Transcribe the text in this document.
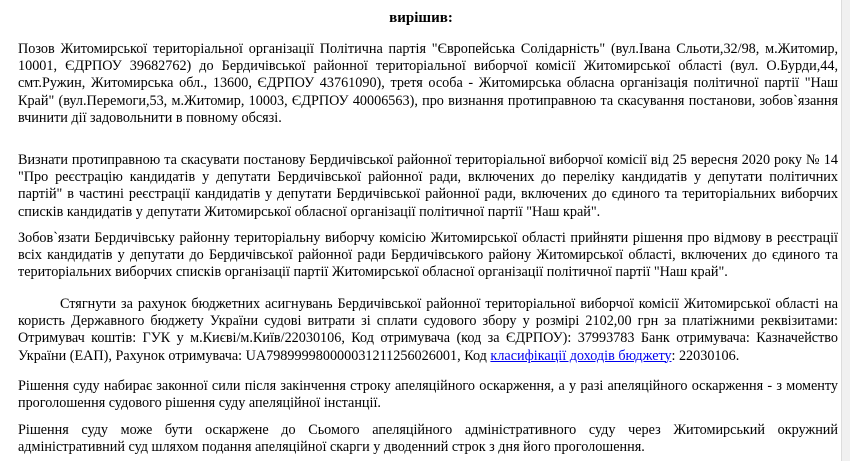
вирішив:
Позов Житомирської територіальної організації Політична партія "Європейська Солідарність" (вул.Івана Сльоти,32/98, м.Житомир, 10001, ЄДРПОУ 39682762) до Бердичівської районної територіальної виборчої комісії Житомирської області (вул. О.Бурди,44, смт.Ружин, Житомирська обл., 13600, ЄДРПОУ 43761090), третя особа - Житомирська обласна організація політичної партії "Наш Край" (вул.Перемоги,53, м.Житомир, 10003, ЄДРПОУ 40006563), про визнання протиправною та скасування постанови, зобов`язання вчинити дії задовольнити в повному обсязі.
Визнати протиправною та скасувати постанову Бердичівської районної територіальної виборчої комісії від 25 вересня 2020 року № 14 "Про реєстрацію кандидатів у депутати Бердичівської районної ради, включених до переліку кандидатів у депутати політичних партій" в частині реєстрації кандидатів у депутати Бердичівської районної ради, включених до єдиного та територіальних виборчих списків кандидатів у депутати Житомирської обласної організації політичної партії "Наш край".
Зобов`язати Бердичівську районну територіальну виборчу комісію Житомирської області прийняти рішення про відмову в реєстрації всіх кандидатів у депутати до Бердичівської районної ради Бердичівського району Житомирської області, включених до єдиного та територіальних виборчих списків організації партії Житомирської обласної організації політичної партії "Наш край".
Стягнути за рахунок бюджетних асигнувань Бердичівської районної територіальної виборчої комісії Житомирської області на користь Державного бюджету України судові витрати зі сплати судового збору у розмірі 2102,00 грн за платіжними реквізитами: Отримувач коштів: ГУК у м.Києві/м.Київ/22030106, Код отримувача (код за ЄДРПОУ): 37993783 Банк отримувача: Казначейство України (ЕАП), Рахунок отримувача: UA798999980000031211256026001, Код класифікації доходів бюджету: 22030106.
Рішення суду набирає законної сили після закінчення строку апеляційного оскарження, а у разі апеляційного оскарження - з моменту проголошення судового рішення суду апеляційної інстанції.
Рішення суду може бути оскаржене до Сьомого апеляційного адміністративного суду через Житомирський окружний адміністративний суд шляхом подання апеляційної скарги у дводенний строк з дня його проголошення.
